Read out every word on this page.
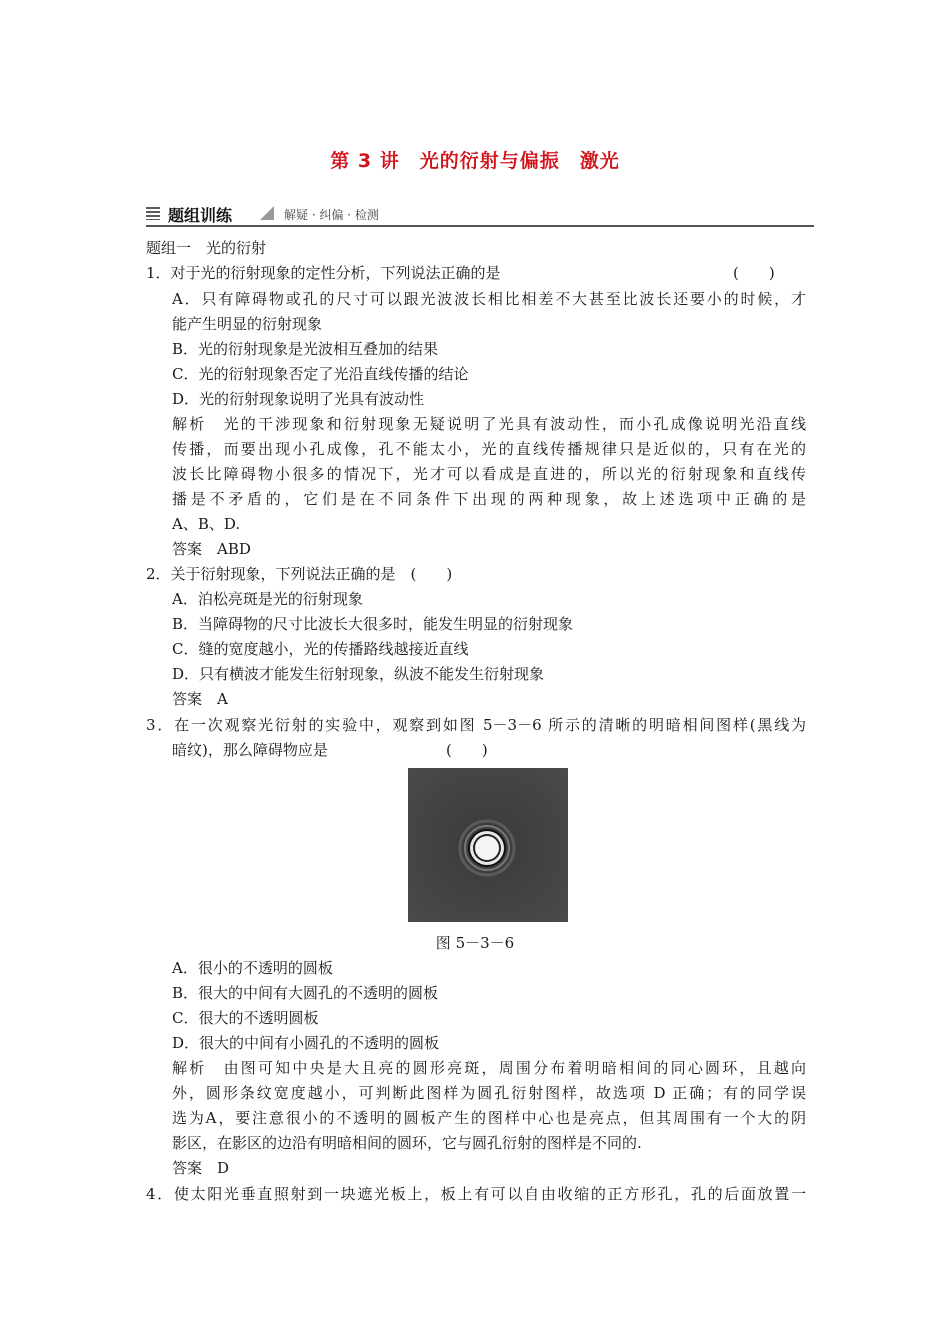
第 3 讲　光的衍射与偏振　激光
题组训练	解疑 · 纠偏 · 检测
题组一　光的衍射
1．对于光的衍射现象的定性分析，下列说法正确的是	(　　)
A．只有障碍物或孔的尺寸可以跟光波波长相比相差不大甚至比波长还要小的时候，才
能产生明显的衍射现象
B．光的衍射现象是光波相互叠加的结果
C．光的衍射现象否定了光沿直线传播的结论
D．光的衍射现象说明了光具有波动性
解析　光的干涉现象和衍射现象无疑说明了光具有波动性，而小孔成像说明光沿直线
传播，而要出现小孔成像，孔不能太小，光的直线传播规律只是近似的，只有在光的
波长比障碍物小很多的情况下，光才可以看成是直进的，所以光的衍射现象和直线传
播是不矛盾的，它们是在不同条件下出现的两种现象，故上述选项中正确的是
A、B、D.
答案　ABD
2．关于衍射现象，下列说法正确的是　(　　)
A．泊松亮斑是光的衍射现象
B．当障碍物的尺寸比波长大很多时，能发生明显的衍射现象
C．缝的宽度越小，光的传播路线越接近直线
D．只有横波才能发生衍射现象，纵波不能发生衍射现象
答案　A
3．在一次观察光衍射的实验中，观察到如图 5－3－6 所示的清晰的明暗相间图样(黑线为
暗纹)，那么障碍物应是	(　　)
图 5－3－6
A．很小的不透明的圆板
B．很大的中间有大圆孔的不透明的圆板
C．很大的不透明圆板
D．很大的中间有小圆孔的不透明的圆板
解析　由图可知中央是大且亮的圆形亮斑，周围分布着明暗相间的同心圆环，且越向
外，圆形条纹宽度越小，可判断此图样为圆孔衍射图样，故选项 D 正确；有的同学误
选为A，要注意很小的不透明的圆板产生的图样中心也是亮点，但其周围有一个大的阴
影区，在影区的边沿有明暗相间的圆环，它与圆孔衍射的图样是不同的.
答案　D
4．使太阳光垂直照射到一块遮光板上，板上有可以自由收缩的正方形孔，孔的后面放置一
